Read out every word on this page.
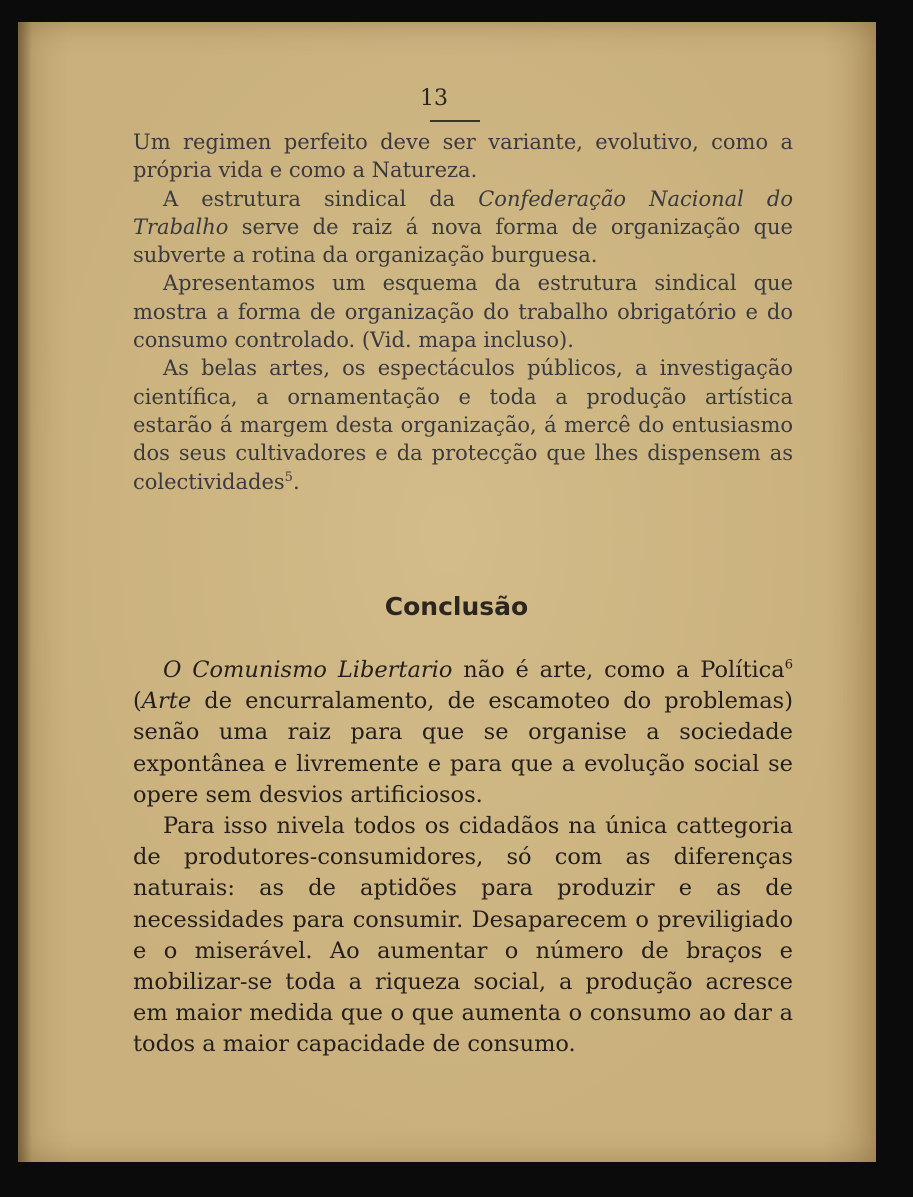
13

Um regimen perfeito deve ser variante, evolutivo, como a própria vida e como a Natureza.

A estrutura sindical da Confederação Nacional do Trabalho serve de raiz á nova forma de organização que subverte a rotina da organização burguesa.

Apresentamos um esquema da estrutura sindical que mostra a forma de organização do trabalho obrigatório e do consumo controlado. (Vid. mapa incluso).

As belas artes, os espectáculos públicos, a investigação científica, a ornamentação e toda a produção artística estarão á margem desta organização, á mercê do entusiasmo dos seus cultivadores e da protecção que lhes dispensem as colectividades$^5$.

Conclusão

O Comunismo Libertario não é arte, como a Política$^6$ (Arte de encurralamento, de escamoteo do problemas) senão uma raiz para que se organise a sociedade expontânea e livremente e para que a evolução social se opere sem desvios artificiosos.

Para isso nivela todos os cidadãos na única cattegoria de produtores-consumidores, só com as diferenças naturais: as de aptidões para produzir e as de necessidades para consumir. Desaparecem o previligiado e o miserável. Ao aumentar o número de braços e mobilizar-se toda a riqueza social, a produção acresce em maior medida que o que aumenta o consumo ao dar a todos a maior capacidade de consumo.
